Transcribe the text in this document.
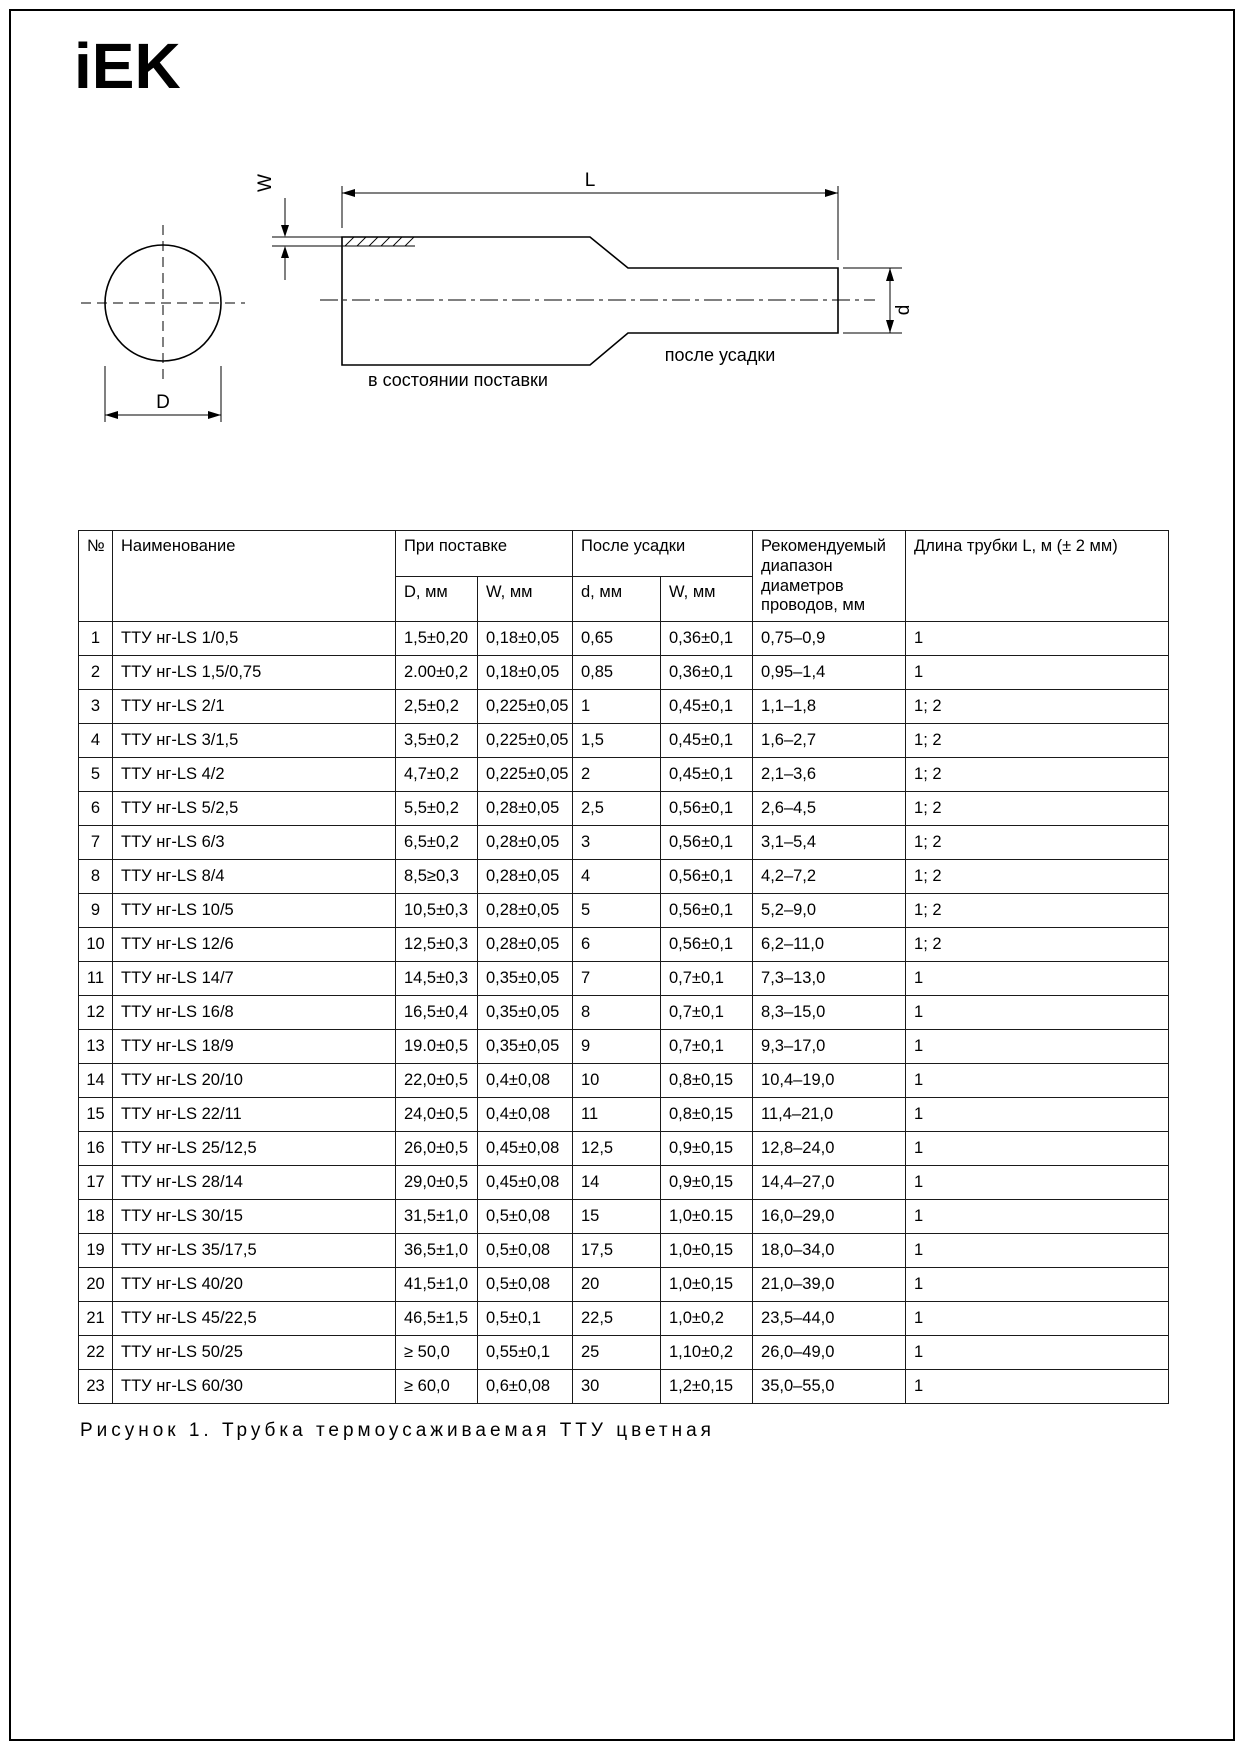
iEK
D
W	L
d
в состоянии поставки
после усадки
№	Наименование	При поставке		После усадки		Рекомендуемый диапазон диаметров проводов, мм	Длина трубки L, м (± 2 мм)
		D, мм	W, мм	d, мм	W, мм		
1	ТТУ нг-LS 1/0,5	1,5±0,20	0,18±0,05	0,65	0,36±0,1	0,75–0,9	1
2	ТТУ нг-LS 1,5/0,75	2.00±0,2	0,18±0,05	0,85	0,36±0,1	0,95–1,4	1
3	ТТУ нг-LS 2/1	2,5±0,2	0,225±0,05	1	0,45±0,1	1,1–1,8	1; 2
4	ТТУ нг-LS 3/1,5	3,5±0,2	0,225±0,05	1,5	0,45±0,1	1,6–2,7	1; 2
5	ТТУ нг-LS 4/2	4,7±0,2	0,225±0,05	2	0,45±0,1	2,1–3,6	1; 2
6	ТТУ нг-LS 5/2,5	5,5±0,2	0,28±0,05	2,5	0,56±0,1	2,6–4,5	1; 2
7	ТТУ нг-LS 6/3	6,5±0,2	0,28±0,05	3	0,56±0,1	3,1–5,4	1; 2
8	ТТУ нг-LS 8/4	8,5≥0,3	0,28±0,05	4	0,56±0,1	4,2–7,2	1; 2
9	ТТУ нг-LS 10/5	10,5±0,3	0,28±0,05	5	0,56±0,1	5,2–9,0	1; 2
10	ТТУ нг-LS 12/6	12,5±0,3	0,28±0,05	6	0,56±0,1	6,2–11,0	1; 2
11	ТТУ нг-LS 14/7	14,5±0,3	0,35±0,05	7	0,7±0,1	7,3–13,0	1
12	ТТУ нг-LS 16/8	16,5±0,4	0,35±0,05	8	0,7±0,1	8,3–15,0	1
13	ТТУ нг-LS 18/9	19.0±0,5	0,35±0,05	9	0,7±0,1	9,3–17,0	1
14	ТТУ нг-LS 20/10	22,0±0,5	0,4±0,08	10	0,8±0,15	10,4–19,0	1
15	ТТУ нг-LS 22/11	24,0±0,5	0,4±0,08	11	0,8±0,15	11,4–21,0	1
16	ТТУ нг-LS 25/12,5	26,0±0,5	0,45±0,08	12,5	0,9±0,15	12,8–24,0	1
17	ТТУ нг-LS 28/14	29,0±0,5	0,45±0,08	14	0,9±0,15	14,4–27,0	1
18	ТТУ нг-LS 30/15	31,5±1,0	0,5±0,08	15	1,0±0.15	16,0–29,0	1
19	ТТУ нг-LS 35/17,5	36,5±1,0	0,5±0,08	17,5	1,0±0,15	18,0–34,0	1
20	ТТУ нг-LS 40/20	41,5±1,0	0,5±0,08	20	1,0±0,15	21,0–39,0	1
21	ТТУ нг-LS 45/22,5	46,5±1,5	0,5±0,1	22,5	1,0±0,2	23,5–44,0	1
22	ТТУ нг-LS 50/25	≥ 50,0	0,55±0,1	25	1,10±0,2	26,0–49,0	1
23	ТТУ нг-LS 60/30	≥ 60,0	0,6±0,08	30	1,2±0,15	35,0–55,0	1
Рисунок 1. Трубка термоусаживаемая ТТУ цветная
